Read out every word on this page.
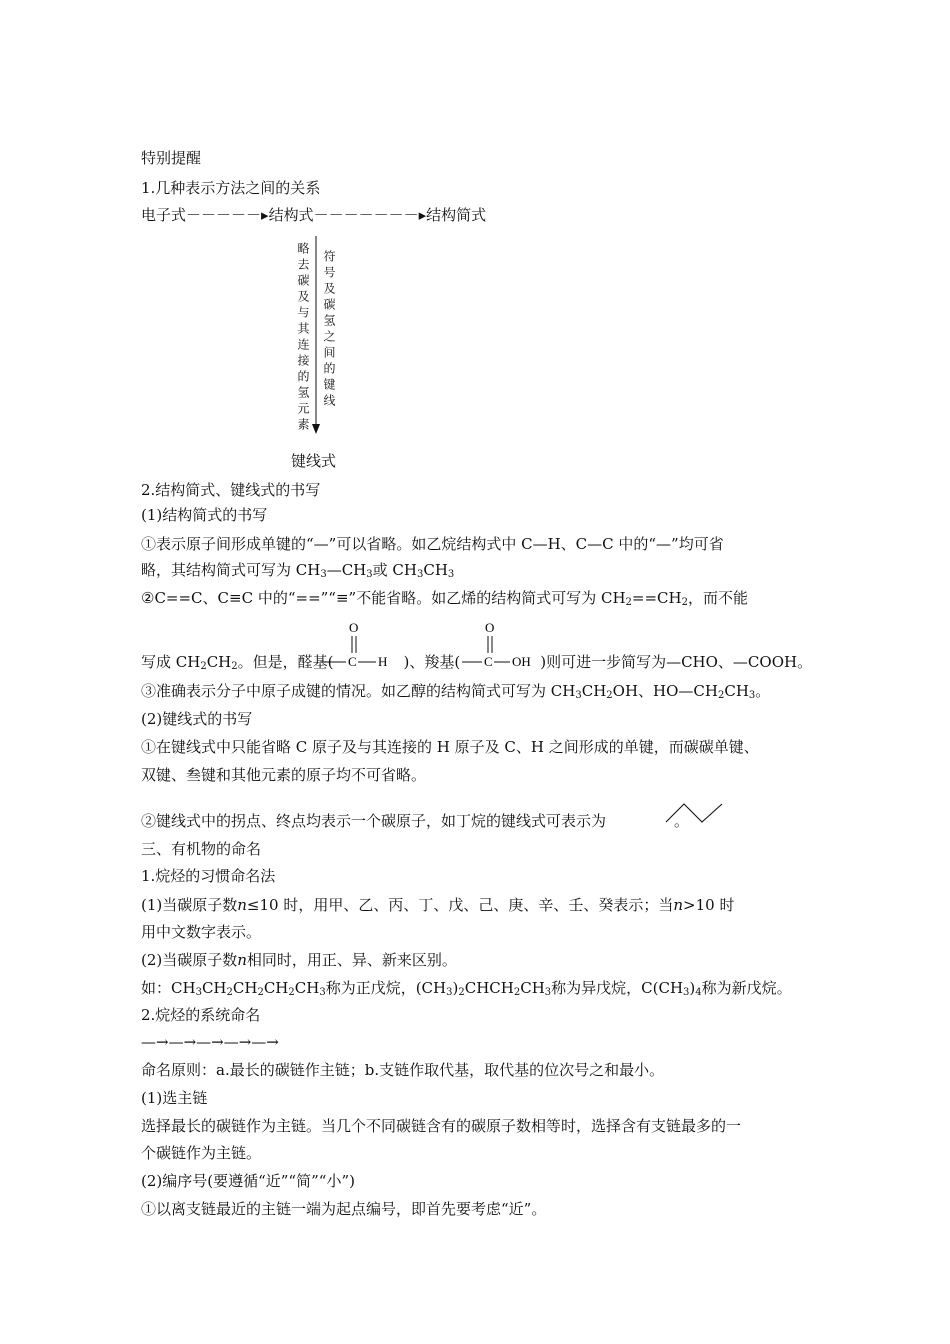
特别提醒
1.几种表示方法之间的关系
电子式－－－－－▸结构式－－－－－－－▸结构简式
略去碳及与其连接的氢元素 符号及碳氢之间的键线
键线式
2.结构简式、键线式的书写
(1)结构简式的书写
①表示原子间形成单键的“—”可以省略。如乙烷结构式中 C—H、C—C 中的“—”均可省
略，其结构简式可写为 $CH_3—CH_3$或 $CH_3CH_3$
②C==C、C≡C 中的“==”“≡”不能省略。如乙烯的结构简式可写为 $CH_2==CH_2$，而不能
写成 $CH_2CH_2$。但是，醛基(	)、羧基(	)则可进一步简写为—CHO、—COOH。
O
C H
O
C OH
③准确表示分子中原子成键的情况。如乙醇的结构简式可写为 $CH_3CH_2OH$、$HO—CH_2CH_3$。
(2)键线式的书写
①在键线式中只能省略 C 原子及与其连接的 H 原子及 C、H 之间形成的单键，而碳碳单键、
双键、叁键和其他元素的原子均不可省略。
②键线式中的拐点、终点均表示一个碳原子，如丁烷的键线式可表示为	。
三、有机物的命名
1.烷烃的习惯命名法
(1)当碳原子数n≤10 时，用甲、乙、丙、丁、戊、己、庚、辛、壬、癸表示；当n>10 时
用中文数字表示。
(2)当碳原子数n相同时，用正、异、新来区别。
如：$CH_3CH_2CH_2CH_2CH_3$称为正戊烷，$(CH_3)_2CHCH_2CH_3$称为异戊烷，$C(CH_3)_4$称为新戊烷。
2.烷烃的系统命名
—→—→—→—→—→
命名原则：a.最长的碳链作主链；b.支链作取代基，取代基的位次号之和最小。
(1)选主链
选择最长的碳链作为主链。当几个不同碳链含有的碳原子数相等时，选择含有支链最多的一
个碳链作为主链。
(2)编序号(要遵循“近”“简”“小”)
①以离支链最近的主链一端为起点编号，即首先要考虑“近”。
